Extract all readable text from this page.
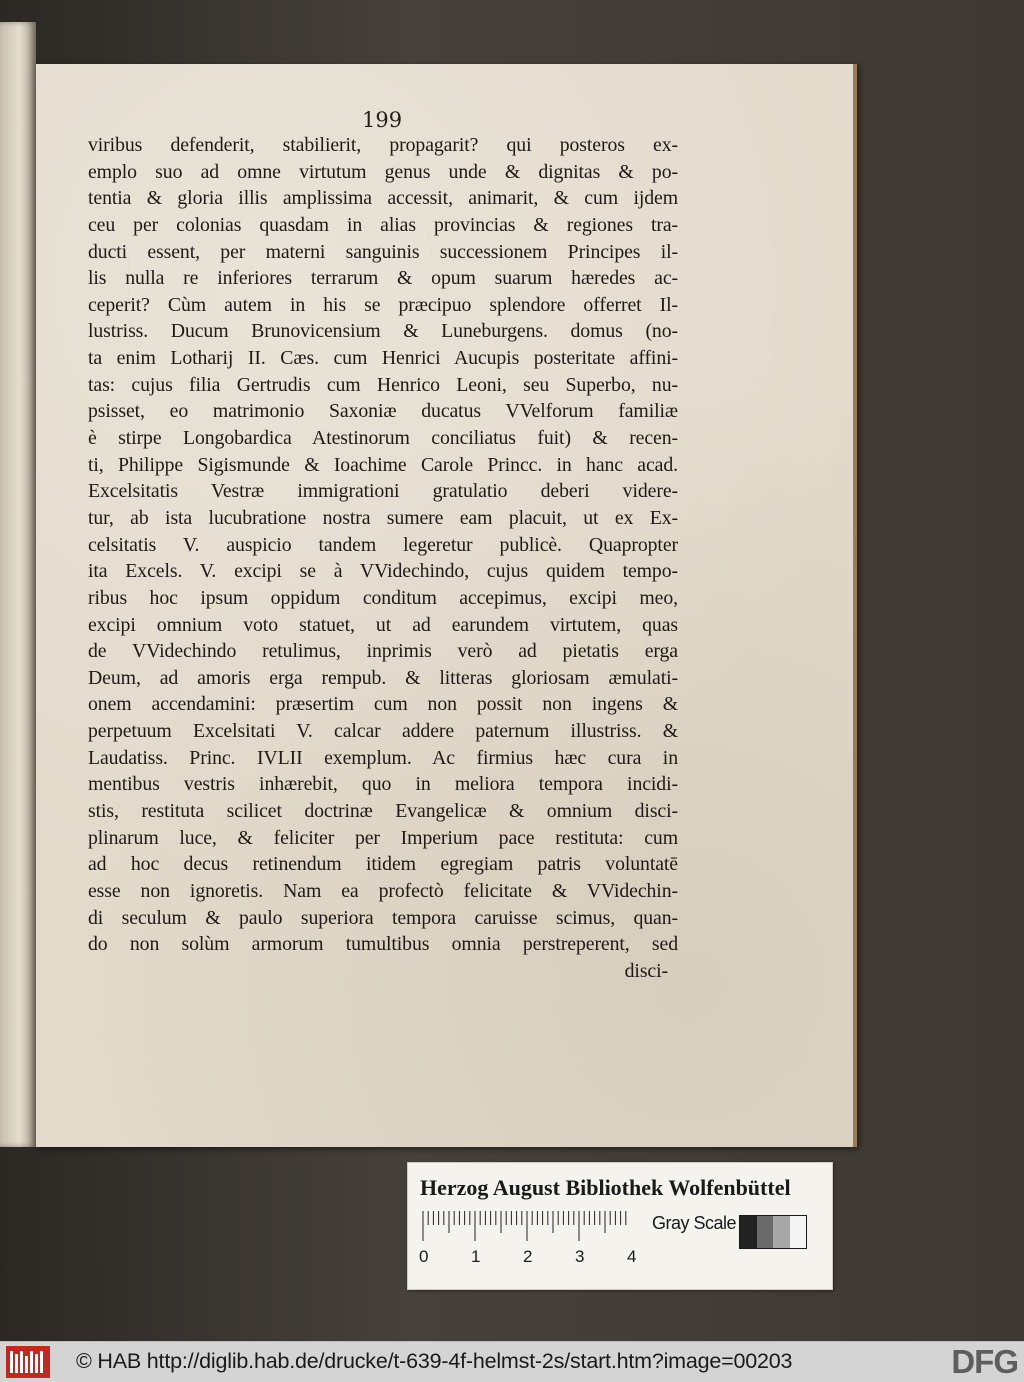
199
viribus defenderit, stabilierit, propagarit? qui posteros ex-
emplo suo ad omne virtutum genus unde & dignitas & po-
tentia & gloria illis amplissima accessit, animarit, & cum ijdem
ceu per colonias quasdam in alias provincias & regiones tra-
ducti essent, per materni sanguinis successionem Principes il-
lis nulla re inferiores terrarum & opum suarum hæredes ac-
ceperit? Cùm autem in his se præcipuo splendore offerret Il-
lustriss. Ducum Brunovicensium & Luneburgens. domus (no-
ta enim Lotharij II. Cæs. cum Henrici Aucupis posteritate affini-
tas: cujus filia Gertrudis cum Henrico Leoni, seu Superbo, nu-
psisset, eo matrimonio Saxoniæ ducatus VVelforum familiæ
è stirpe Longobardica Atestinorum conciliatus fuit) & recen-
ti, Philippe Sigismunde & Ioachime Carole Princc. in hanc acad.
Excelsitatis Vestræ immigrationi gratulatio deberi videre-
tur, ab ista lucubratione nostra sumere eam placuit, ut ex Ex-
celsitatis V. auspicio tandem legeretur publicè. Quapropter
ita Excels. V. excipi se à VVidechindo, cujus quidem tempo-
ribus hoc ipsum oppidum conditum accepimus, excipi meo,
excipi omnium voto statuet, ut ad earundem virtutem, quas
de VVidechindo retulimus, inprimis verò ad pietatis erga
Deum, ad amoris erga rempub. & litteras gloriosam æmulati-
onem accendamini: præsertim cum non possit non ingens &
perpetuum Excelsitati V. calcar addere paternum illustriss. &
Laudatiss. Princ. IVLII exemplum. Ac firmius hæc cura in
mentibus vestris inhærebit, quo in meliora tempora incidi-
stis, restituta scilicet doctrinæ Evangelicæ & omnium disci-
plinarum luce, & feliciter per Imperium pace restituta: cum
ad hoc decus retinendum itidem egregiam patris voluntatē
esse non ignoretis. Nam ea profectò felicitate & VVidechin-
di seculum & paulo superiora tempora caruisse scimus, quan-
do non solùm armorum tumultibus omnia perstreperent, sed
disci-
Herzog August Bibliothek Wolfenbüttel
0	1	2	3	4
Gray Scale
© HAB http://diglib.hab.de/drucke/t-639-4f-helmst-2s/start.htm?image=00203	DFG
